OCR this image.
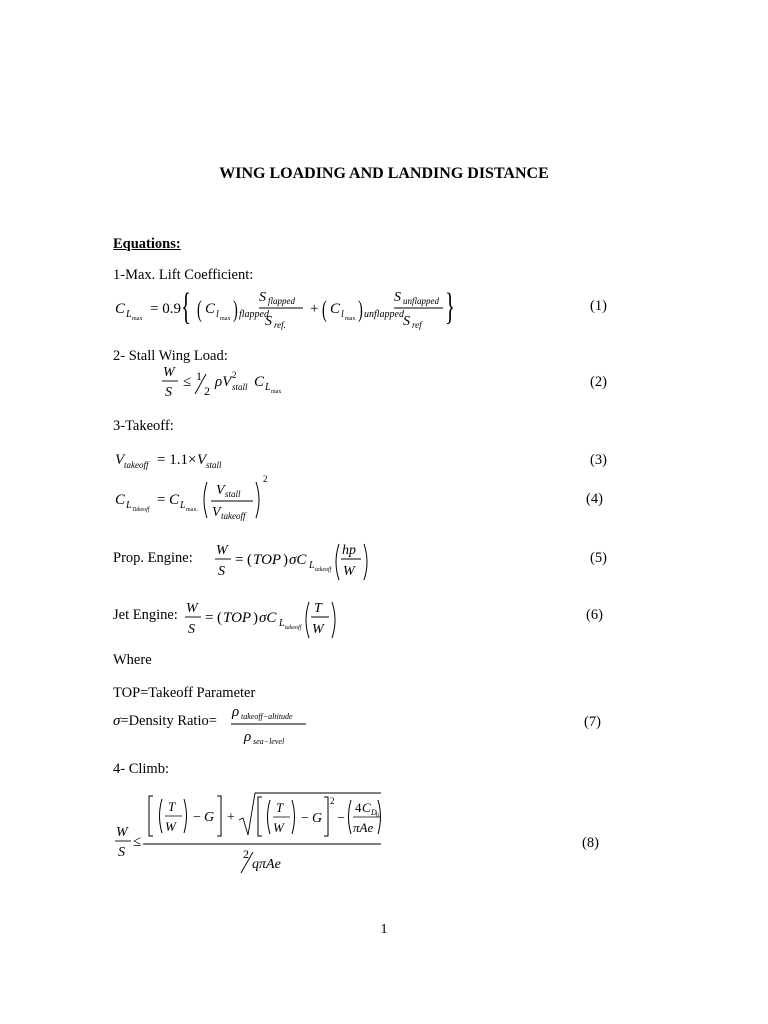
WING LOADING AND LANDING DISTANCE
Equations:
1-Max. Lift Coefficient:
C L max
= 0.9 { ( C l max ) flapped
S flapped
S ref.
+ ( C l max ) unflapped
S unflapped
S ref }	(1)
2- Stall Wing Load:
W
S
≤ 1
2
ρV 2
stall C L max
(2)
3-Takeoff:
V takeoff = 1.1× V stall	(3)
C L Takeoff
= C L max.
V stall
V takeoff
2
(4)
Prop. Engine: W
S
= ( TOP ) σC L takeoff
hp
W
(5)
Jet Engine: W
S
= ( TOP ) σC L takeoff
T
W
(6)
Where
TOP=Takeoff Parameter
σ=Density Ratio=
ρ takeoff−altitude
ρ sea−level
(7)
4- Climb:
W
S
≤
T
W
− G +
T
W
− G
2
−
4 C D 0
πAe
2
qπAe
(8)
1
